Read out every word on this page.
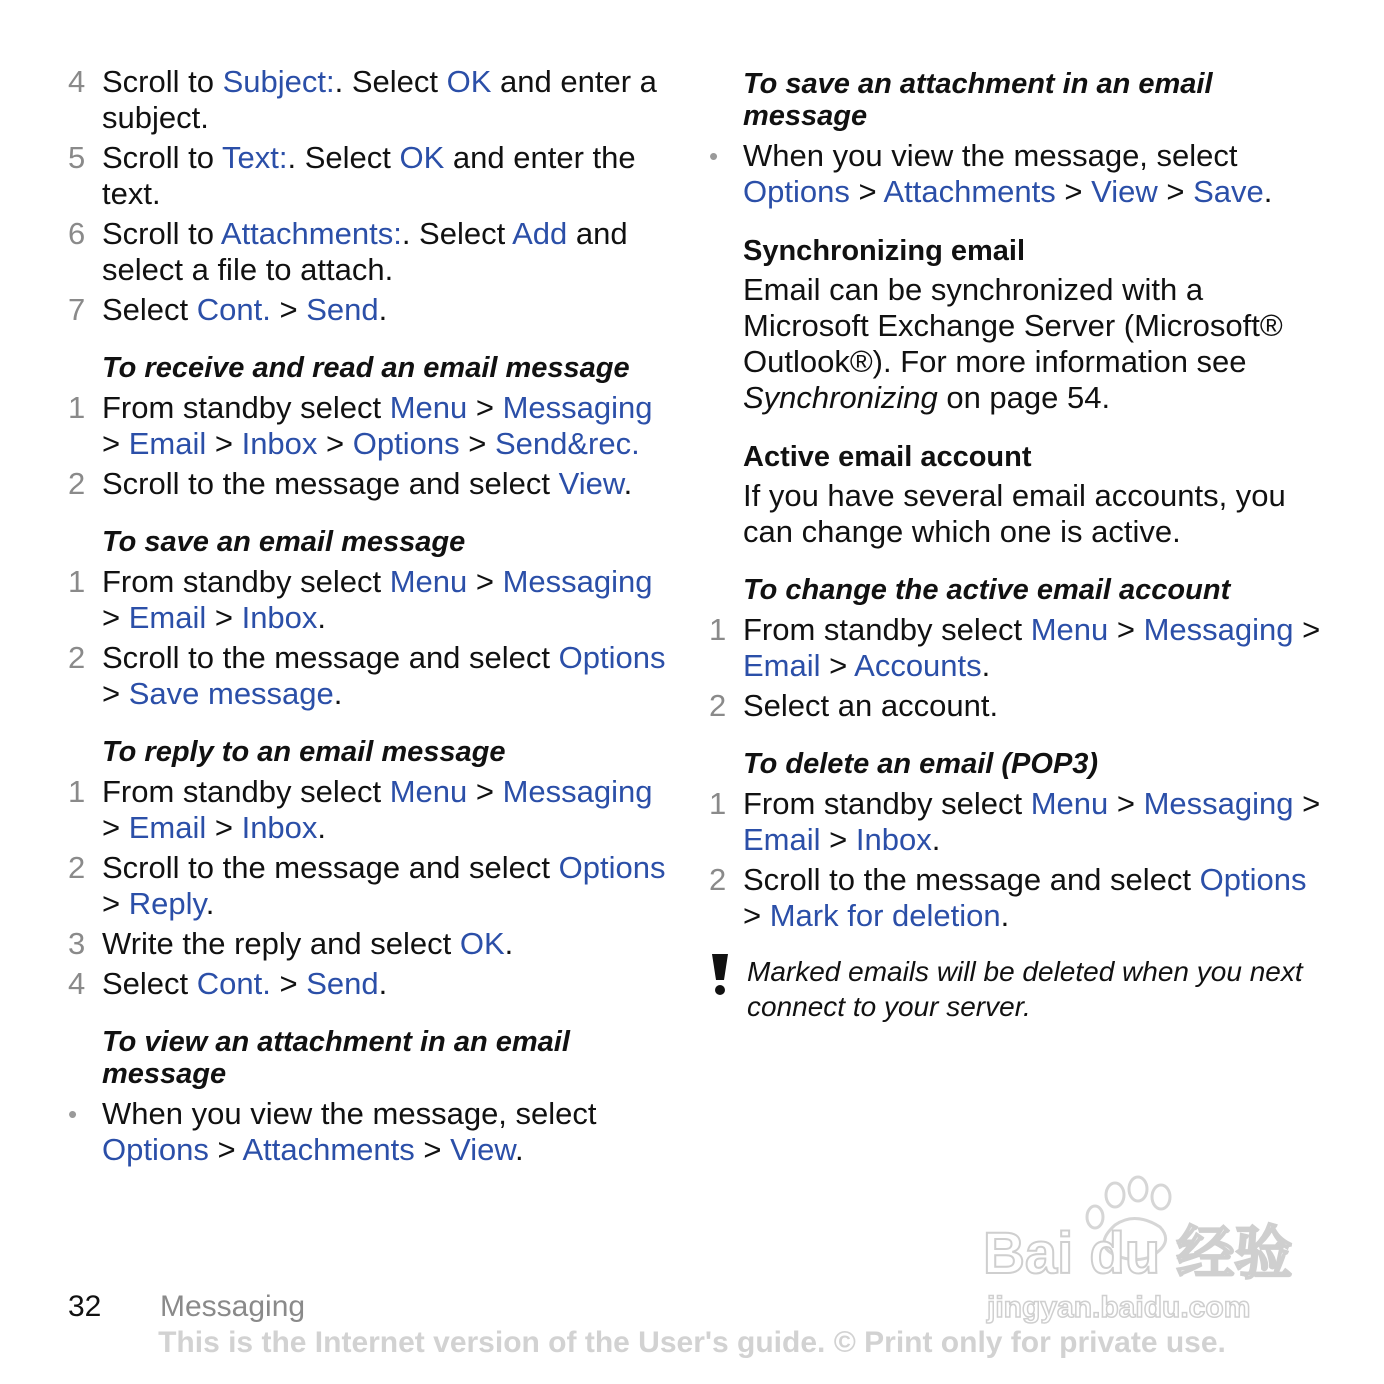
4 Scroll to Subject:. Select OK and enter a subject.
5 Scroll to Text:. Select OK and enter the text.
6 Scroll to Attachments:. Select Add and select a file to attach.
7 Select Cont. > Send.
To receive and read an email message
1 From standby select Menu > Messaging > Email > Inbox > Options > Send&rec.
2 Scroll to the message and select View.
To save an email message
1 From standby select Menu > Messaging > Email > Inbox.
2 Scroll to the message and select Options > Save message.
To reply to an email message
1 From standby select Menu > Messaging > Email > Inbox.
2 Scroll to the message and select Options > Reply.
3 Write the reply and select OK.
4 Select Cont. > Send.
To view an attachment in an email message
• When you view the message, select Options > Attachments > View.
To save an attachment in an email message
• When you view the message, select Options > Attachments > View > Save.
Synchronizing email
Email can be synchronized with a Microsoft Exchange Server (Microsoft® Outlook®). For more information see Synchronizing on page 54.
Active email account
If you have several email accounts, you can change which one is active.
To change the active email account
1 From standby select Menu > Messaging > Email > Accounts.
2 Select an account.
To delete an email (POP3)
1 From standby select Menu > Messaging > Email > Inbox.
2 Scroll to the message and select Options > Mark for deletion.
Marked emails will be deleted when you next connect to your server.
32 Messaging
This is the Internet version of the User's guide. © Print only for private use.
Bai du 经验
jingyan.baidu.com
